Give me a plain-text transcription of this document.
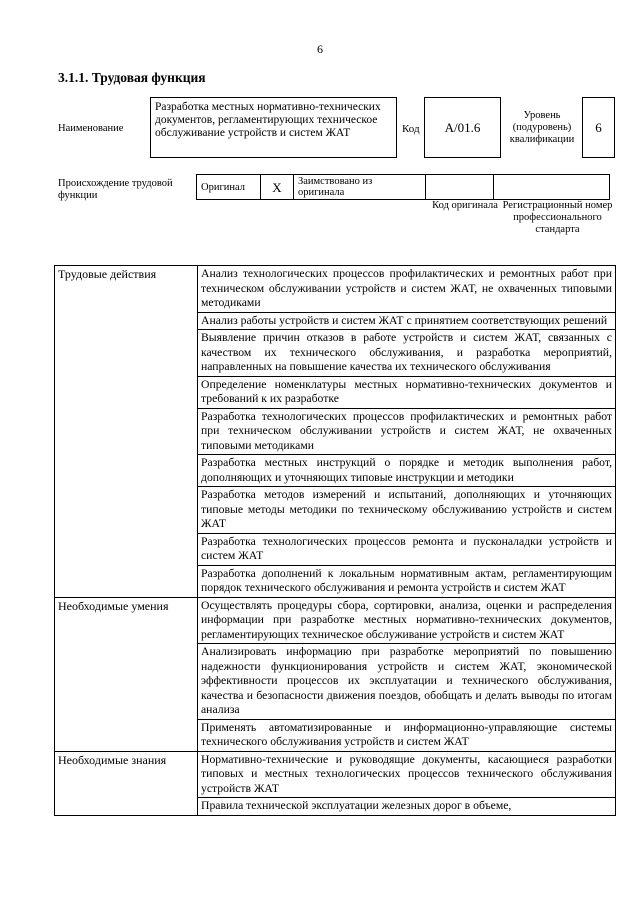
6
3.1.1. Трудовая функция
Наименование
Разработка местных нормативно-технических документов, регламентирующих техническое обслуживание устройств и систем ЖАТ	Код	А/01.6
Уровень (подуровень) квалификации
6
Происхождение трудовой функции
Оригинал	X	Заимствовано из оригинала		
Код оригинала Регистрационный номер профессионального стандарта
Трудовые действия	Анализ технологических процессов профилактических и ремонтных работ при техническом обслуживании устройств и систем ЖАТ, не охваченных типовыми методиками
	Анализ работы устройств и систем ЖАТ с принятием соответствующих решений
	Выявление причин отказов в работе устройств и систем ЖАТ, связанных с качеством их технического обслуживания, и разработка мероприятий, направленных на повышение качества их технического обслуживания
	Определение номенклатуры местных нормативно-технических документов и требований к их разработке
	Разработка технологических процессов профилактических и ремонтных работ при техническом обслуживании устройств и систем ЖАТ, не охваченных типовыми методиками
	Разработка местных инструкций о порядке и методик выполнения работ, дополняющих и уточняющих типовые инструкции и методики
	Разработка методов измерений и испытаний, дополняющих и уточняющих типовые методы методики по техническому обслуживанию устройств и систем ЖАТ
	Разработка технологических процессов ремонта и пусконаладки устройств и систем ЖАТ
	Разработка дополнений к локальным нормативным актам, регламентирующим порядок технического обслуживания и ремонта устройств и систем ЖАТ
Необходимые умения	Осуществлять процедуры сбора, сортировки, анализа, оценки и распределения информации при разработке местных нормативно-технических документов, регламентирующих техническое обслуживание устройств и систем ЖАТ
	Анализировать информацию при разработке мероприятий по повышению надежности функционирования устройств и систем ЖАТ, экономической эффективности процессов их эксплуатации и технического обслуживания, качества и безопасности движения поездов, обобщать и делать выводы по итогам анализа
	Применять автоматизированные и информационно-управляющие системы технического обслуживания устройств и систем ЖАТ
Необходимые знания	Нормативно-технические и руководящие документы, касающиеся разработки типовых и местных технологических процессов технического обслуживания устройств ЖАТ
	Правила технической эксплуатации железных дорог в объеме,
